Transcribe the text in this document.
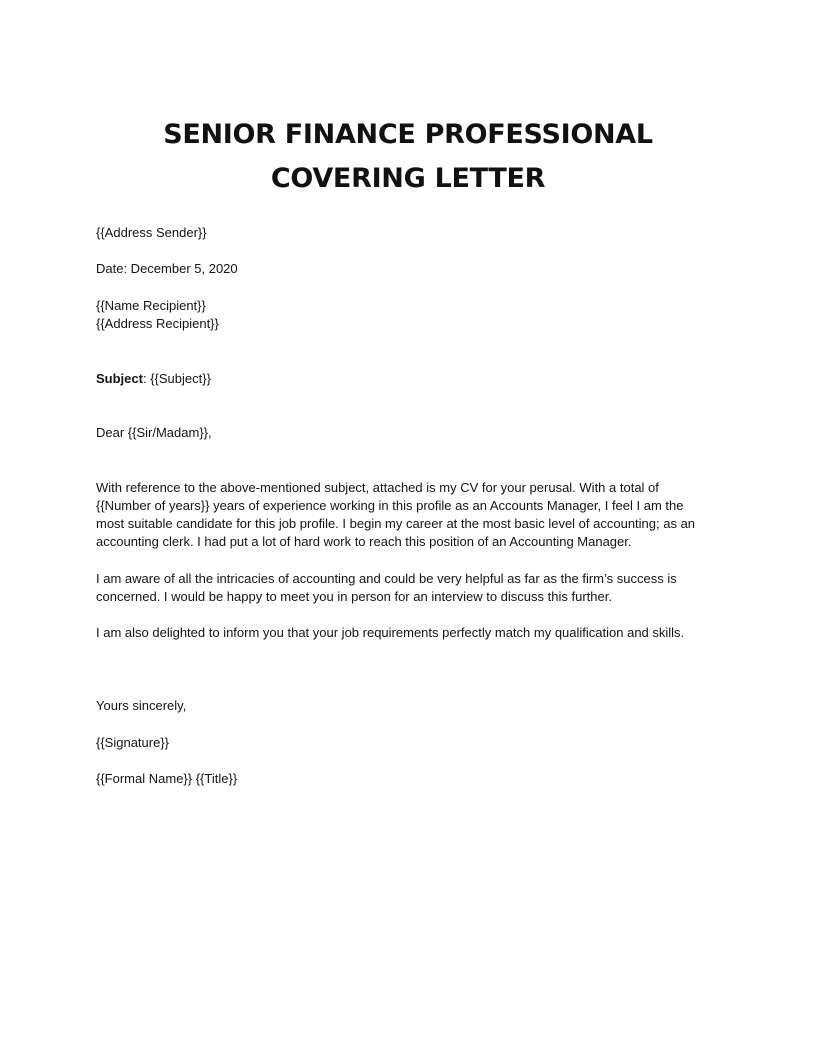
SENIOR FINANCE PROFESSIONAL
COVERING LETTER
{{Address Sender}}
Date: December 5, 2020
{{Name Recipient}}
{{Address Recipient}}
Subject: {{Subject}}
Dear {{Sir/Madam}},
With reference to the above-mentioned subject, attached is my CV for your perusal. With a total of
{{Number of years}} years of experience working in this profile as an Accounts Manager, I feel I am the
most suitable candidate for this job profile. I begin my career at the most basic level of accounting; as an
accounting clerk. I had put a lot of hard work to reach this position of an Accounting Manager.
I am aware of all the intricacies of accounting and could be very helpful as far as the firm’s success is
concerned. I would be happy to meet you in person for an interview to discuss this further.
I am also delighted to inform you that your job requirements perfectly match my qualification and skills.
Yours sincerely,
{{Signature}}
{{Formal Name}} {{Title}}
